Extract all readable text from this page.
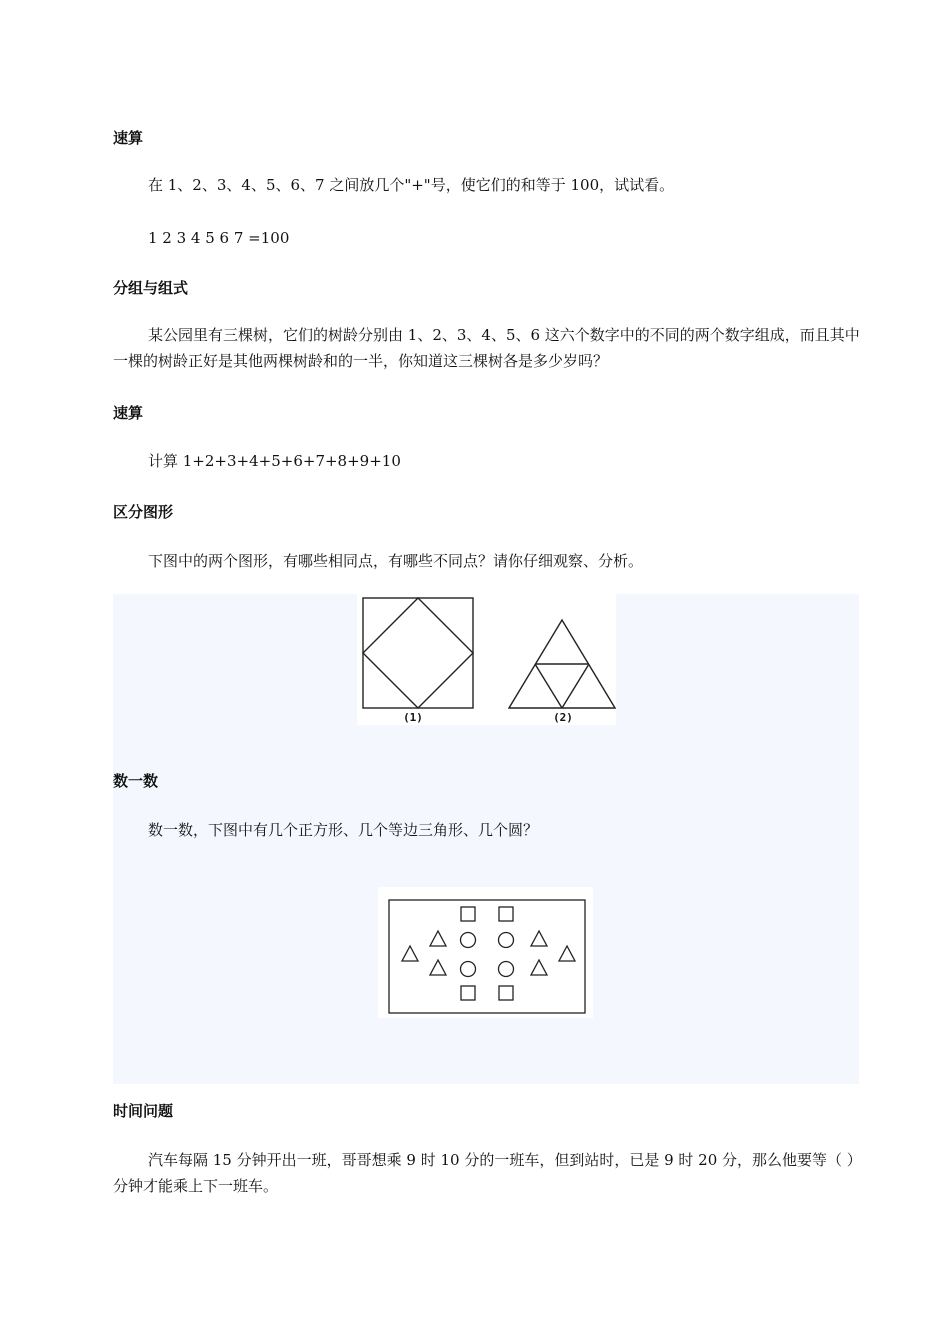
速算
在 1、2、3、4、5、6、7 之间放几个"+"号，使它们的和等于 100，试试看。
1 2 3 4 5 6 7 =100
分组与组式
某公园里有三棵树，它们的树龄分别由 1、2、3、4、5、6 这六个数字中的不同的两个数字组成，而且其中一棵的树龄正好是其他两棵树龄和的一半，你知道这三棵树各是多少岁吗？
速算
计算 1+2+3+4+5+6+7+8+9+10
区分图形
下图中的两个图形，有哪些相同点，有哪些不同点？请你仔细观察、分析。
(1)	(2)
数一数
数一数，下图中有几个正方形、几个等边三角形、几个圆？
时间问题
汽车每隔 15 分钟开出一班，哥哥想乘 9 时 10 分的一班车，但到站时，已是 9 时 20 分，那么他要等（ ）分钟才能乘上下一班车。
